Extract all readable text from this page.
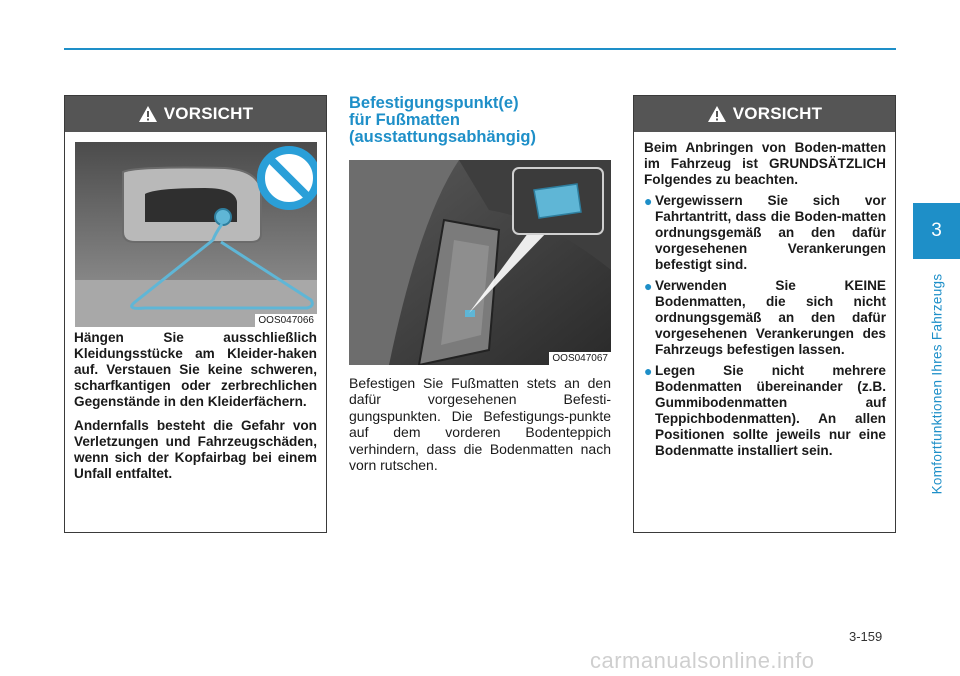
3
Komfortfunktionen Ihres Fahrzeugs
VORSICHT
OOS047066

Hängen Sie ausschließlich Kleidungsstücke am Kleider-haken auf. Verstauen Sie keine schweren, scharfkantigen oder zerbrechlichen Gegenstände in den Kleiderfächern.

Andernfalls besteht die Gefahr von Verletzungen und Fahrzeugschäden, wenn sich der Kopfairbag bei einem Unfall entfaltet.

Befestigungspunkt(e)
für Fußmatten
(ausstattungsabhängig)
OOS047067

Befestigen Sie Fußmatten stets an den dafür vorgesehenen Befesti-gungspunkten. Die Befestigungs-punkte auf dem vorderen Bodenteppich verhindern, dass die Bodenmatten nach vorn rutschen.

VORSICHT

Beim Anbringen von Boden-matten im Fahrzeug ist GRUNDSÄTZLICH Folgendes zu beachten.

● Vergewissern Sie sich vor Fahrtantritt, dass die Boden-matten ordnungsgemäß an den dafür vorgesehenen Verankerungen befestigt sind.
● Verwenden Sie KEINE Bodenmatten, die sich nicht ordnungsgemäß an den dafür vorgesehenen Verankerungen des Fahrzeugs befestigen lassen.
● Legen Sie nicht mehrere Bodenmatten übereinander (z.B. Gummibodenmatten auf Teppichbodenmatten). An allen Positionen sollte jeweils nur eine Bodenmatte installiert sein.
3-159
carmanualsonline.info
